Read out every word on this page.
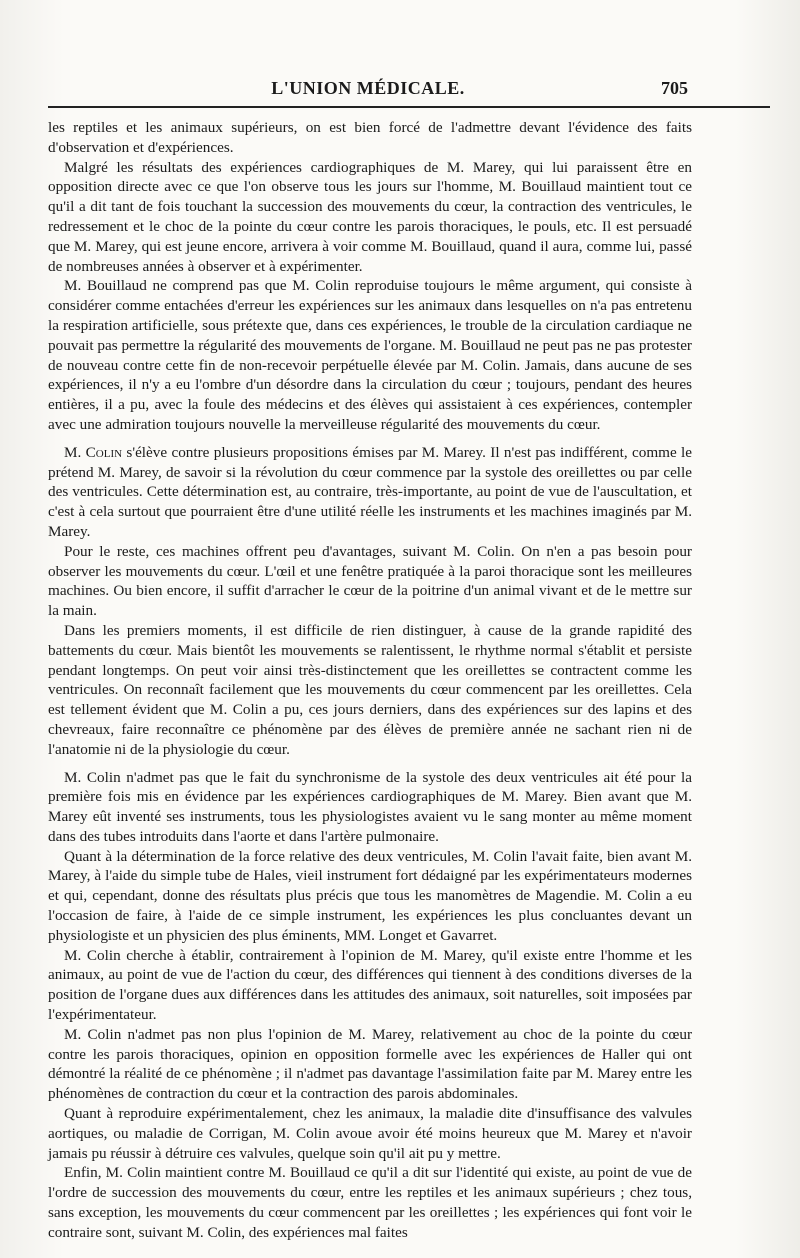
L'UNION MÉDICALE.	705

les reptiles et les animaux supérieurs, on est bien forcé de l'admettre devant l'évidence des faits d'observation et d'expériences.

Malgré les résultats des expériences cardiographiques de M. Marey, qui lui paraissent être en opposition directe avec ce que l'on observe tous les jours sur l'homme, M. Bouillaud maintient tout ce qu'il a dit tant de fois touchant la succession des mouvements du cœur, la contraction des ventricules, le redressement et le choc de la pointe du cœur contre les parois thoraciques, le pouls, etc. Il est persuadé que M. Marey, qui est jeune encore, arrivera à voir comme M. Bouillaud, quand il aura, comme lui, passé de nombreuses années à observer et à expérimenter.

M. Bouillaud ne comprend pas que M. Colin reproduise toujours le même argument, qui consiste à considérer comme entachées d'erreur les expériences sur les animaux dans lesquelles on n'a pas entretenu la respiration artificielle, sous prétexte que, dans ces expériences, le trouble de la circulation cardiaque ne pouvait pas permettre la régularité des mouvements de l'organe. M. Bouillaud ne peut pas ne pas protester de nouveau contre cette fin de non-recevoir perpétuelle élevée par M. Colin. Jamais, dans aucune de ses expériences, il n'y a eu l'ombre d'un désordre dans la circulation du cœur ; toujours, pendant des heures entières, il a pu, avec la foule des médecins et des élèves qui assistaient à ces expériences, contempler avec une admiration toujours nouvelle la merveilleuse régularité des mouvements du cœur.

M. Colin s'élève contre plusieurs propositions émises par M. Marey. Il n'est pas indifférent, comme le prétend M. Marey, de savoir si la révolution du cœur commence par la systole des oreillettes ou par celle des ventricules. Cette détermination est, au contraire, très-importante, au point de vue de l'auscultation, et c'est à cela surtout que pourraient être d'une utilité réelle les instruments et les machines imaginés par M. Marey.

Pour le reste, ces machines offrent peu d'avantages, suivant M. Colin. On n'en a pas besoin pour observer les mouvements du cœur. L'œil et une fenêtre pratiquée à la paroi thoracique sont les meilleures machines. Ou bien encore, il suffit d'arracher le cœur de la poitrine d'un animal vivant et de le mettre sur la main.

Dans les premiers moments, il est difficile de rien distinguer, à cause de la grande rapidité des battements du cœur. Mais bientôt les mouvements se ralentissent, le rhythme normal s'établit et persiste pendant longtemps. On peut voir ainsi très-distinctement que les oreillettes se contractent comme les ventricules. On reconnaît facilement que les mouvements du cœur commencent par les oreillettes. Cela est tellement évident que M. Colin a pu, ces jours derniers, dans des expériences sur des lapins et des chevreaux, faire reconnaître ce phénomène par des élèves de première année ne sachant rien ni de l'anatomie ni de la physiologie du cœur.

M. Colin n'admet pas que le fait du synchronisme de la systole des deux ventricules ait été pour la première fois mis en évidence par les expériences cardiographiques de M. Marey. Bien avant que M. Marey eût inventé ses instruments, tous les physiologistes avaient vu le sang monter au même moment dans des tubes introduits dans l'aorte et dans l'artère pulmonaire.

Quant à la détermination de la force relative des deux ventricules, M. Colin l'avait faite, bien avant M. Marey, à l'aide du simple tube de Hales, vieil instrument fort dédaigné par les expérimentateurs modernes et qui, cependant, donne des résultats plus précis que tous les manomètres de Magendie. M. Colin a eu l'occasion de faire, à l'aide de ce simple instrument, les expériences les plus concluantes devant un physiologiste et un physicien des plus éminents, MM. Longet et Gavarret.

M. Colin cherche à établir, contrairement à l'opinion de M. Marey, qu'il existe entre l'homme et les animaux, au point de vue de l'action du cœur, des différences qui tiennent à des conditions diverses de la position de l'organe dues aux différences dans les attitudes des animaux, soit naturelles, soit imposées par l'expérimentateur.

M. Colin n'admet pas non plus l'opinion de M. Marey, relativement au choc de la pointe du cœur contre les parois thoraciques, opinion en opposition formelle avec les expériences de Haller qui ont démontré la réalité de ce phénomène ; il n'admet pas davantage l'assimilation faite par M. Marey entre les phénomènes de contraction du cœur et la contraction des parois abdominales.

Quant à reproduire expérimentalement, chez les animaux, la maladie dite d'insuffisance des valvules aortiques, ou maladie de Corrigan, M. Colin avoue avoir été moins heureux que M. Marey et n'avoir jamais pu réussir à détruire ces valvules, quelque soin qu'il ait pu y mettre.

Enfin, M. Colin maintient contre M. Bouillaud ce qu'il a dit sur l'identité qui existe, au point de vue de l'ordre de succession des mouvements du cœur, entre les reptiles et les animaux supérieurs ; chez tous, sans exception, les mouvements du cœur commencent par les oreillettes ; les expériences qui font voir le contraire sont, suivant M. Colin, des expériences mal faites
